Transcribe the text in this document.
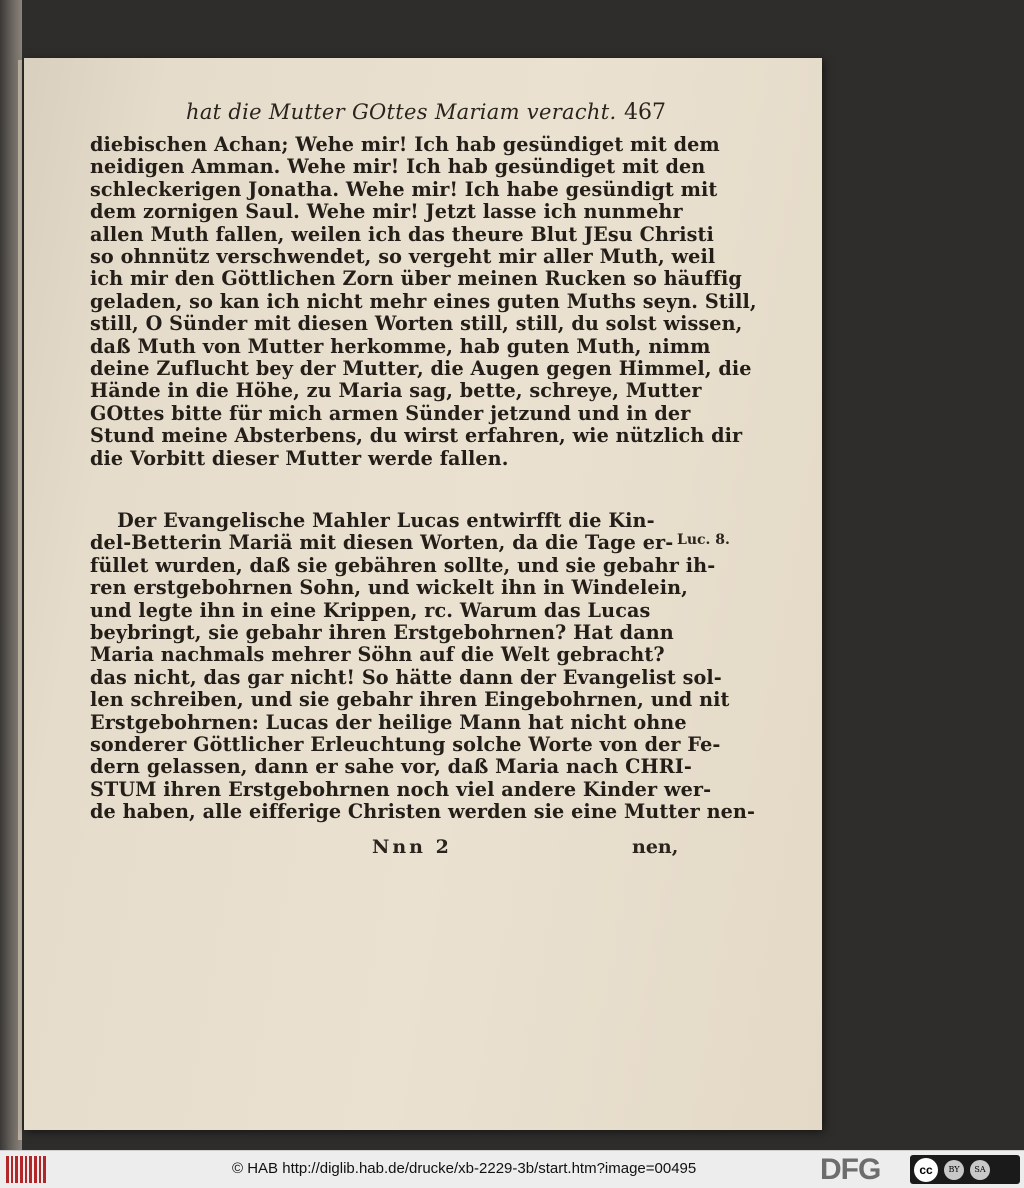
hat die Mutter GOttes Mariam veracht. 467
diebischen Achan; Wehe mir! Ich hab gesündiget mit dem
neidigen Amman. Wehe mir! Ich hab gesündiget mit den
schleckerigen Jonatha. Wehe mir! Ich habe gesündigt mit
dem zornigen Saul. Wehe mir! Jetzt lasse ich nunmehr
allen Muth fallen, weilen ich das theure Blut JEsu Christi
so ohnnütz verschwendet, so vergeht mir aller Muth, weil
ich mir den Göttlichen Zorn über meinen Rucken so häuffig
geladen, so kan ich nicht mehr eines guten Muths seyn. Still,
still, O Sünder mit diesen Worten still, still, du solst wissen,
daß Muth von Mutter herkomme, hab guten Muth, nimm
deine Zuflucht bey der Mutter, die Augen gegen Himmel, die
Hände in die Höhe, zu Maria sag, bette, schreye, Mutter
GOttes bitte für mich armen Sünder jetzund und in der
Stund meine Absterbens, du wirst erfahren, wie nützlich dir
die Vorbitt dieser Mutter werde fallen.
Der Evangelische Mahler Lucas entwirfft die Kin-
del-Betterin Mariä mit diesen Worten, da die Tage er-
füllet wurden, daß sie gebähren sollte, und sie gebahr ih-
ren erstgebohrnen Sohn, und wickelt ihn in Windelein,
und legte ihn in eine Krippen, rc. Warum das Lucas
beybringt, sie gebahr ihren Erstgebohrnen? Hat dann
Maria nachmals mehrer Söhn auf die Welt gebracht?
das nicht, das gar nicht! So hätte dann der Evangelist sol-
len schreiben, und sie gebahr ihren Eingebohrnen, und nit
Erstgebohrnen: Lucas der heilige Mann hat nicht ohne
sonderer Göttlicher Erleuchtung solche Worte von der Fe-
dern gelassen, dann er sahe vor, daß Maria nach CHRI-
STUM ihren Erstgebohrnen noch viel andere Kinder wer-
de haben, alle eifferige Christen werden sie eine Mutter nen-
Luc. 8.
Nnn 2	nen,
© HAB http://diglib.hab.de/drucke/xb-2229-3b/start.htm?image=00495	DFG	cc	BY	SA
